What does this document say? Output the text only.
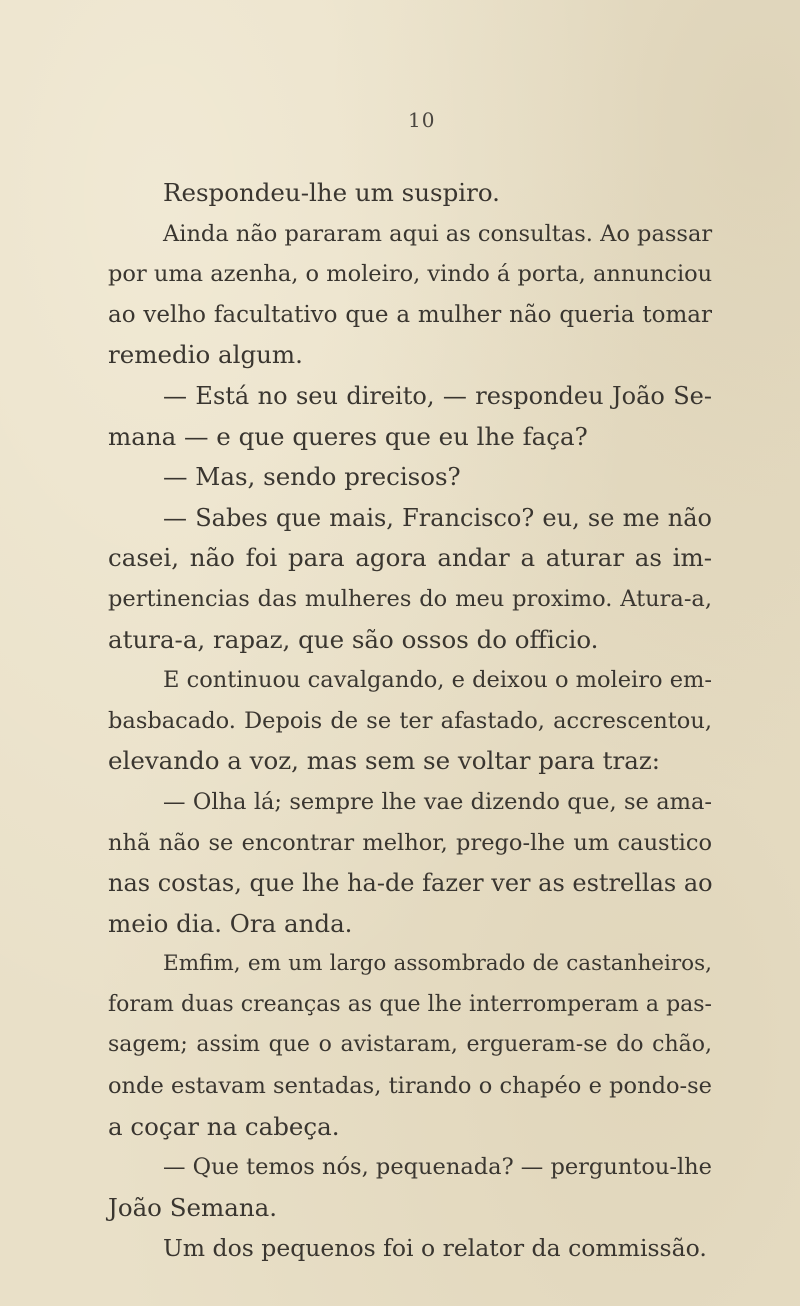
10
Respondeu-lhe um suspiro.
Ainda não pararam aqui as consultas. Ao passar
por uma azenha, o moleiro, vindo á porta, annunciou
ao velho facultativo que a mulher não queria tomar
remedio algum.
— Está no seu direito, — respondeu João Se-
mana — e que queres que eu lhe faça?
— Mas, sendo precisos?
— Sabes que mais, Francisco? eu, se me não
casei, não foi para agora andar a aturar as im-
pertinencias das mulheres do meu proximo. Atura-a,
atura-a, rapaz, que são ossos do officio.
E continuou cavalgando, e deixou o moleiro em-
basbacado. Depois de se ter afastado, accrescentou,
elevando a voz, mas sem se voltar para traz:
— Olha lá; sempre lhe vae dizendo que, se ama-
nhã não se encontrar melhor, prego-lhe um caustico
nas costas, que lhe ha-de fazer ver as estrellas ao
meio dia. Ora anda.
Emfim, em um largo assombrado de castanheiros,
foram duas creanças as que lhe interromperam a pas-
sagem; assim que o avistaram, ergueram-se do chão,
onde estavam sentadas, tirando o chapéo e pondo-se
a coçar na cabeça.
— Que temos nós, pequenada? — perguntou-lhe
João Semana.
Um dos pequenos foi o relator da commissão.
